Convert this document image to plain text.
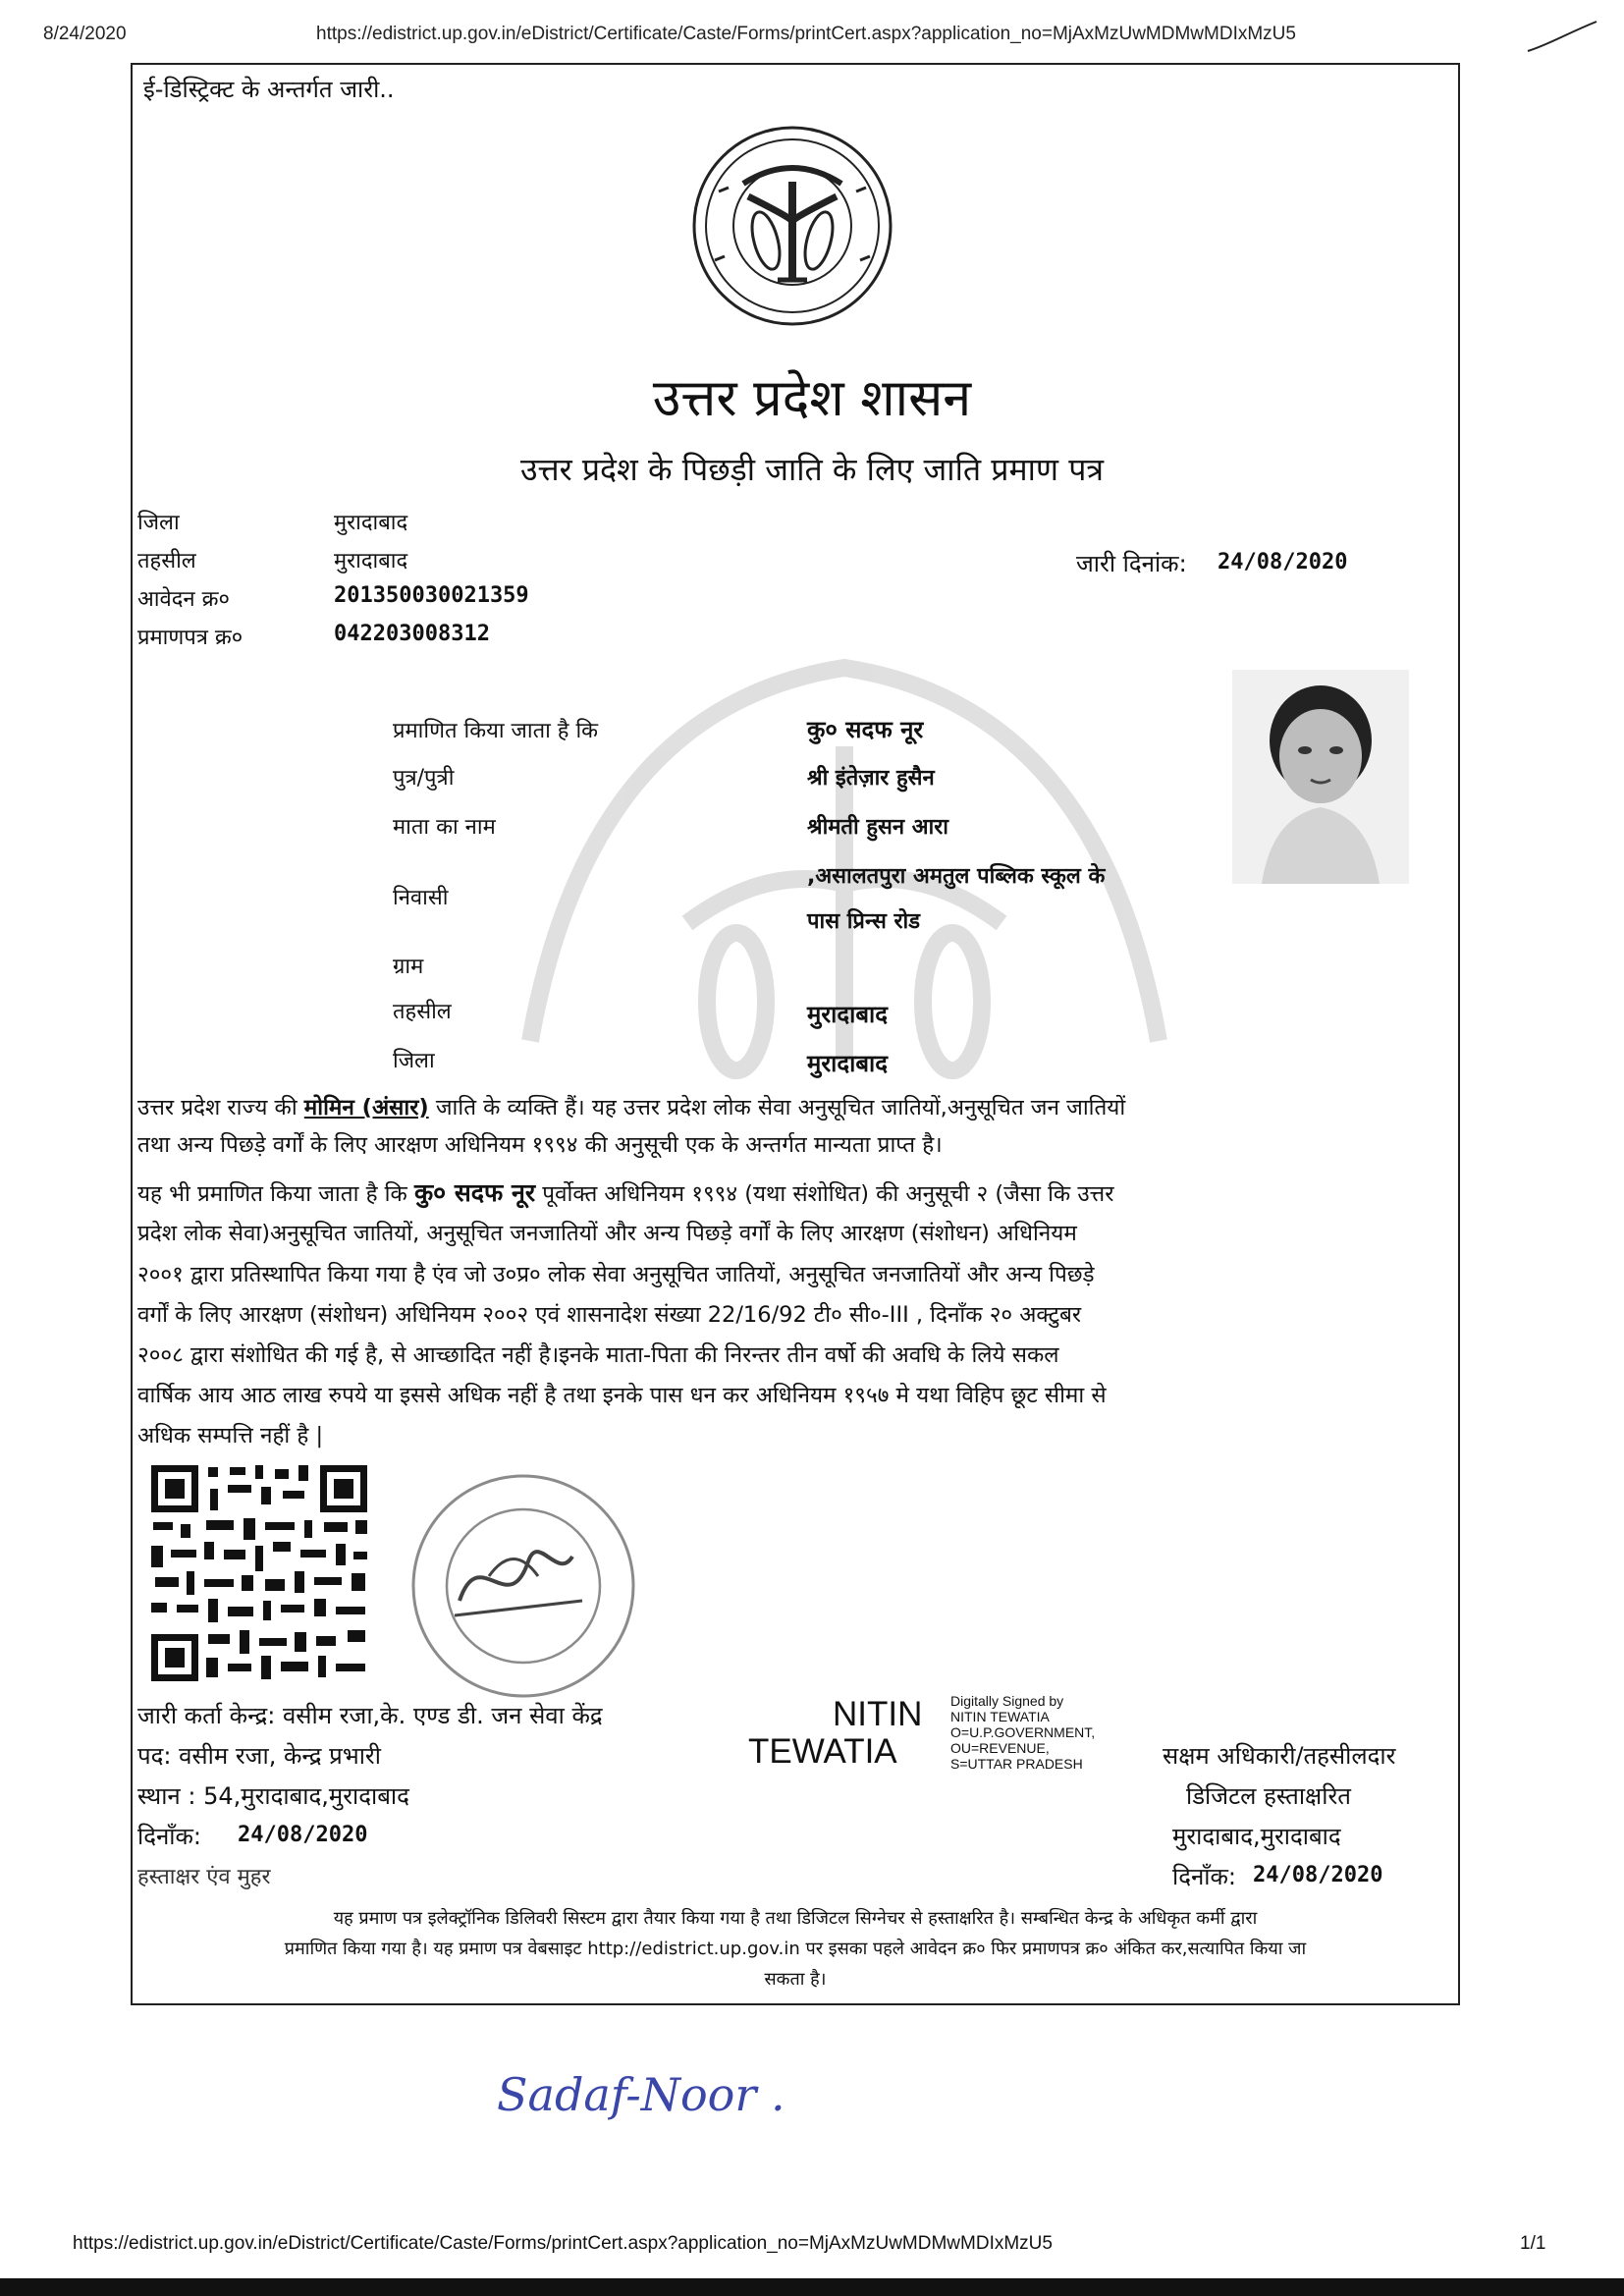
8/24/2020	https://edistrict.up.gov.in/eDistrict/Certificate/Caste/Forms/printCert.aspx?application_no=MjAxMzUwMDMwMDIxMzU5
ई-डिस्ट्रिक्ट के अन्तर्गत जारी..
उत्तर प्रदेश शासन
उत्तर प्रदेश के पिछड़ी जाति के लिए जाति प्रमाण पत्र
जिला	मुरादाबाद
तहसील	मुरादाबाद
आवेदन क्र०	201350030021359
प्रमाणपत्र क्र०	042203008312
जारी दिनांक: 24/08/2020
प्रमाणित किया जाता है कि	कु० सदफ नूर
पुत्र/पुत्री	श्री इंतेज़ार हुसैन
माता का नाम	श्रीमती हुसन आरा
निवासी
,असालतपुरा अमतुल पब्लिक स्कूल के
पास प्रिन्स रोड
ग्राम
तहसील	मुरादाबाद
जिला	मुरादाबाद
उत्तर प्रदेश राज्य की मोमिन (अंसार) जाति के व्यक्ति हैं। यह उत्तर प्रदेश लोक सेवा अनुसूचित जातियों,अनुसूचित जन जातियों
तथा अन्य पिछड़े वर्गों के लिए आरक्षण अधिनियम १९९४ की अनुसूची एक के अन्तर्गत मान्यता प्राप्त है।
यह भी प्रमाणित किया जाता है कि कु० सदफ नूर पूर्वोक्त अधिनियम १९९४ (यथा संशोधित) की अनुसूची २ (जैसा कि उत्तर
प्रदेश लोक सेवा)अनुसूचित जातियों, अनुसूचित जनजातियों और अन्य पिछड़े वर्गों के लिए आरक्षण (संशोधन) अधिनियम
२००१ द्वारा प्रतिस्थापित किया गया है एंव जो उ०प्र० लोक सेवा अनुसूचित जातियों, अनुसूचित जनजातियों और अन्य पिछड़े
वर्गों के लिए आरक्षण (संशोधन) अधिनियम २००२ एवं शासनादेश संख्या 22/16/92 टी० सी०-III , दिनाँक २० अक्टुबर
२००८ द्वारा संशोधित की गई है, से आच्छादित नहीं है।इनके माता-पिता की निरन्तर तीन वर्षो की अवधि के लिये सकल
वार्षिक आय आठ लाख रुपये या इससे अधिक नहीं है तथा इनके पास धन कर अधिनियम १९५७ मे यथा विहिप छूट सीमा से
अधिक सम्पत्ति नहीं है |
जारी कर्ता केन्द्र: वसीम रजा,के. एण्ड डी. जन सेवा केंद्र
पद: वसीम रजा, केन्द्र प्रभारी
स्थान : 54,मुरादाबाद,मुरादाबाद
दिनाँक: 24/08/2020
हस्ताक्षर एंव मुहर
NITIN
TEWATIA
Digitally Signed by
NITIN TEWATIA
O=U.P.GOVERNMENT,
OU=REVENUE,
S=UTTAR PRADESH	सक्षम अधिकारी/तहसीलदार
डिजिटल हस्ताक्षरित
मुरादाबाद,मुरादाबाद
दिनाँक: 24/08/2020
यह प्रमाण पत्र इलेक्ट्रॉनिक डिलिवरी सिस्टम द्वारा तैयार किया गया है तथा डिजिटल सिग्नेचर से हस्ताक्षरित है। सम्बन्धित केन्द्र के अधिकृत कर्मी द्वारा
प्रमाणित किया गया है। यह प्रमाण पत्र वेबसाइट http://edistrict.up.gov.in पर इसका पहले आवेदन क्र० फिर प्रमाणपत्र क्र० अंकित कर,सत्यापित किया जा
सकता है।
Sadaf-Noor .
https://edistrict.up.gov.in/eDistrict/Certificate/Caste/Forms/printCert.aspx?application_no=MjAxMzUwMDMwMDIxMzU5	1/1
